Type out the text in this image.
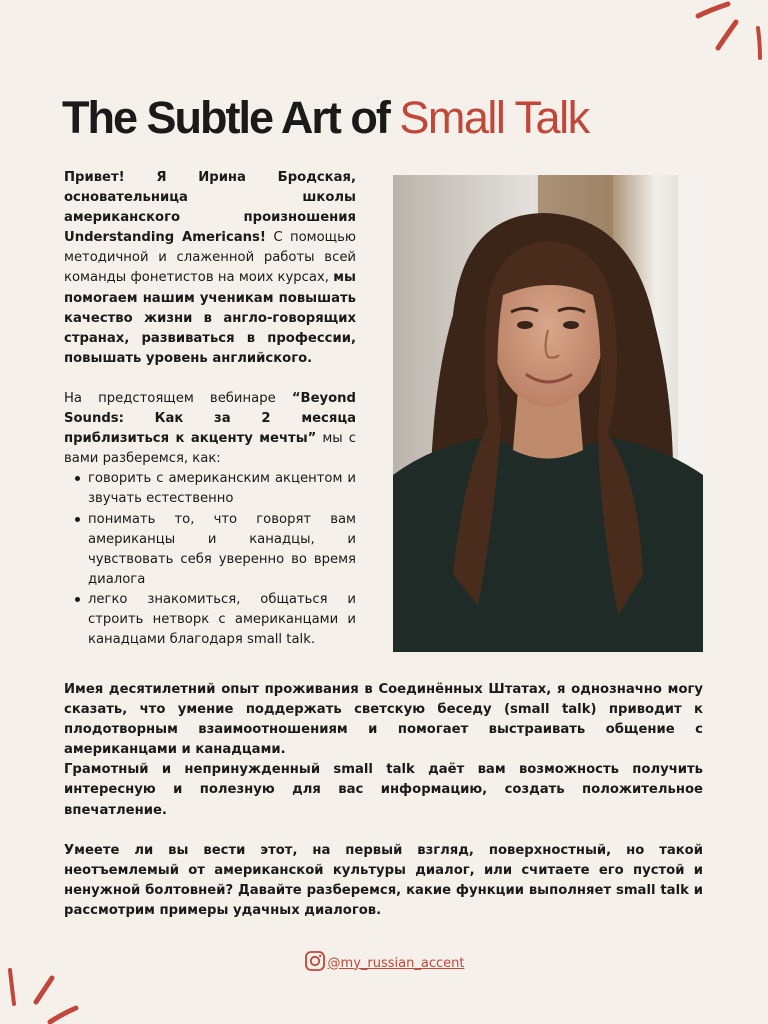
The Subtle Art of Small Talk

Привет! Я Ирина Бродская, основательница школы американского произношения Understanding Americans! С помощью методичной и слаженной работы всей команды фонетистов на моих курсах, мы помогаем нашим ученикам повышать качество жизни в англо-говорящих странах, развиваться в профессии, повышать уровень английского.

На предстоящем вебинаре “Beyond Sounds: Как за 2 месяца приблизиться к акценту мечты” мы с вами разберемся, как:

говорить с американским акцентом и звучать естественно
понимать то, что говорят вам американцы и канадцы, и чувствовать себя уверенно во время диалога
легко знакомиться, общаться и строить нетворк с американцами и канадцами благодаря small talk.

Имея десятилетний опыт проживания в Соединённых Штатах, я однозначно могу сказать, что умение поддержать светскую беседу (small talk) приводит к плодотворным взаимоотношениям и помогает выстраивать общение с американцами и канадцами.

Грамотный и непринужденный small talk даёт вам возможность получить интересную и полезную для вас информацию, создать положительное впечатление.

Умеете ли вы вести этот, на первый взгляд, поверхностный, но такой неотъемлемый от американской культуры диалог, или считаете его пустой и ненужной болтовней? Давайте разберемся, какие функции выполняет small talk и рассмотрим примеры удачных диалогов.

@my_russian_accent
